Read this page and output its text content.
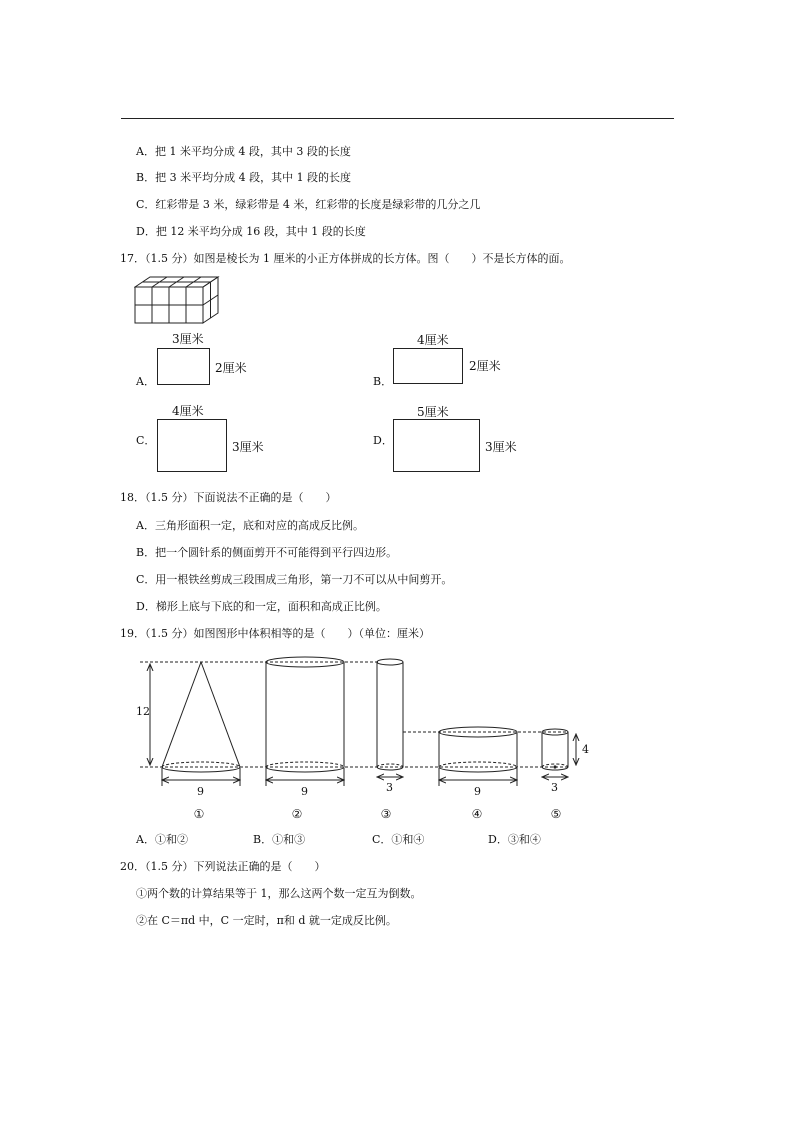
A．把 1 米平均分成 4 段，其中 3 段的长度
B．把 3 米平均分成 4 段，其中 1 段的长度
C．红彩带是 3 米，绿彩带是 4 米，红彩带的长度是绿彩带的几分之几
D．把 12 米平均分成 16 段，其中 1 段的长度
17．（1.5 分）如图是棱长为 1 厘米的小正方体拼成的长方体。图（　　）不是长方体的面。
3厘米
2厘米
A．
4厘米
2厘米
B．
4厘米
3厘米
C．
5厘米
3厘米
D．
18．（1.5 分）下面说法不正确的是（　　）
A．三角形面积一定，底和对应的高成反比例。
B．把一个圆针系的侧面剪开不可能得到平行四边形。
C．用一根铁丝剪成三段围成三角形，第一刀不可以从中间剪开。
D．梯形上底与下底的和一定，面积和高成正比例。
19．（1.5 分）如图图形中体积相等的是（　　）（单位：厘米）
12
9	9	3	9
4
3
①	②	③	④	⑤
A．①和②	B．①和③	C．①和④	D．③和④
20．（1.5 分）下列说法正确的是（　　）
①两个数的计算结果等于 1，那么这两个数一定互为倒数。
②在 C＝πd 中，C 一定时，π和 d 就一定成反比例。
